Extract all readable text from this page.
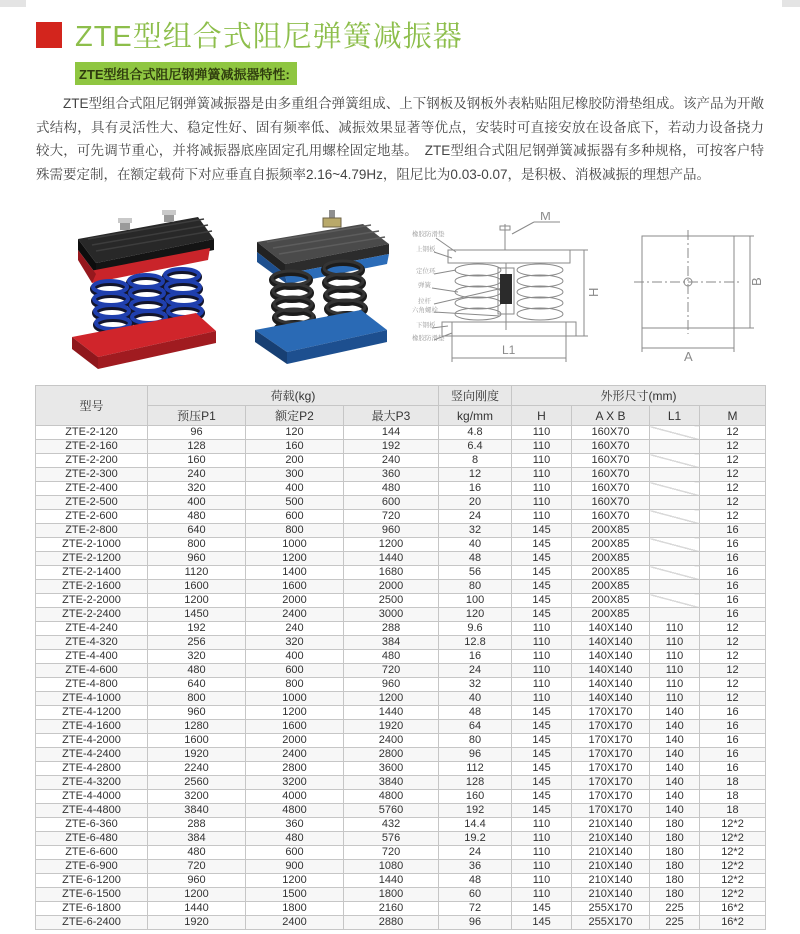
ZTE型组合式阻尼弹簧减振器
ZTE型组合式阻尼钢弹簧减振器特性:
ZTE型组合式阻尼钢弹簧减振器是由多重组合弹簧组成、上下钢板及钢板外表粘贴阻尼橡胶防滑垫组成。该产品为开敞式结构，具有灵活性大、稳定性好、固有频率低、减振效果显著等优点，安装时可直接安放在设备底下，若动力设备挠力较大，可先调节重心，并将减振器底座固定孔用螺栓固定地基。　ZTE型组合式阻尼钢弹簧减振器有多种规格，可按客户特殊需要定制，在额定载荷下对应垂直自振频率2.16~4.79Hz，阻尼比为0.03-0.07，是积极、消极减振的理想产品。
M
H
L1
橡胶防滑垫
上钢板
定位环
弹簧
拉杆
六角螺栓
下钢板
橡胶防滑垫
B
A
型号	荷载(kg)			竖向刚度	外形尺寸(mm)			
	预压P1	额定P2	最大P3	kg/mm	H	A X B	L1	M
ZTE-2-120	96	120	144	4.8	110	160X70		12
ZTE-2-160	128	160	192	6.4	110	160X70		12
ZTE-2-200	160	200	240	8	110	160X70		12
ZTE-2-300	240	300	360	12	110	160X70		12
ZTE-2-400	320	400	480	16	110	160X70		12
ZTE-2-500	400	500	600	20	110	160X70		12
ZTE-2-600	480	600	720	24	110	160X70		12
ZTE-2-800	640	800	960	32	145	200X85		16
ZTE-2-1000	800	1000	1200	40	145	200X85		16
ZTE-2-1200	960	1200	1440	48	145	200X85		16
ZTE-2-1400	1120	1400	1680	56	145	200X85		16
ZTE-2-1600	1600	1600	2000	80	145	200X85		16
ZTE-2-2000	1200	2000	2500	100	145	200X85		16
ZTE-2-2400	1450	2400	3000	120	145	200X85		16
ZTE-4-240	192	240	288	9.6	110	140X140	110	12
ZTE-4-320	256	320	384	12.8	110	140X140	110	12
ZTE-4-400	320	400	480	16	110	140X140	110	12
ZTE-4-600	480	600	720	24	110	140X140	110	12
ZTE-4-800	640	800	960	32	110	140X140	110	12
ZTE-4-1000	800	1000	1200	40	110	140X140	110	12
ZTE-4-1200	960	1200	1440	48	145	170X170	140	16
ZTE-4-1600	1280	1600	1920	64	145	170X170	140	16
ZTE-4-2000	1600	2000	2400	80	145	170X170	140	16
ZTE-4-2400	1920	2400	2800	96	145	170X170	140	16
ZTE-4-2800	2240	2800	3600	112	145	170X170	140	16
ZTE-4-3200	2560	3200	3840	128	145	170X170	140	18
ZTE-4-4000	3200	4000	4800	160	145	170X170	140	18
ZTE-4-4800	3840	4800	5760	192	145	170X170	140	18
ZTE-6-360	288	360	432	14.4	110	210X140	180	12*2
ZTE-6-480	384	480	576	19.2	110	210X140	180	12*2
ZTE-6-600	480	600	720	24	110	210X140	180	12*2
ZTE-6-900	720	900	1080	36	110	210X140	180	12*2
ZTE-6-1200	960	1200	1440	48	110	210X140	180	12*2
ZTE-6-1500	1200	1500	1800	60	110	210X140	180	12*2
ZTE-6-1800	1440	1800	2160	72	145	255X170	225	16*2
ZTE-6-2400	1920	2400	2880	96	145	255X170	225	16*2
